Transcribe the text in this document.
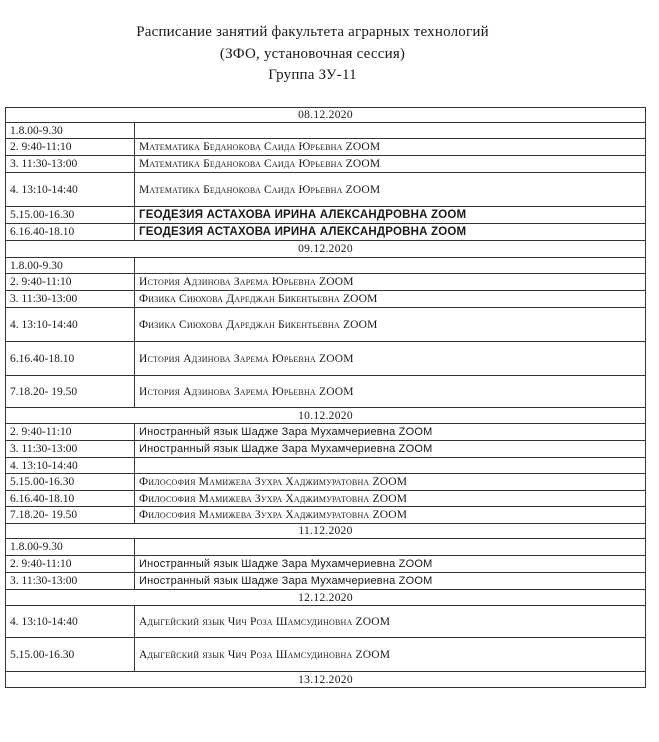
Расписание занятий факультета аграрных технологий
(ЗФО, установочная сессия)
Группа ЗУ-11
08.12.2020	
1.8.00-9.30	
2. 9:40-11:10	Математика Беданокова Саида Юрьевна ZOOM
3. 11:30-13:00	Математика Беданокова Саида Юрьевна ZOOM
4. 13:10-14:40	Математика Беданокова Саида Юрьевна ZOOM
5.15.00-16.30	ГЕОДЕЗИЯ АСТАХОВА ИРИНА АЛЕКСАНДРОВНА ZOOM
6.16.40-18.10	ГЕОДЕЗИЯ АСТАХОВА ИРИНА АЛЕКСАНДРОВНА ZOOM
09.12.2020	
1.8.00-9.30	
2. 9:40-11:10	История Адзинова Зарема Юрьевна ZOOM
3. 11:30-13:00	Физика Сиюхова Дареджан Бикентьевна ZOOM
4. 13:10-14:40	Физика Сиюхова Дареджан Бикентьевна ZOOM
6.16.40-18.10	История Адзинова Зарема Юрьевна ZOOM
7.18.20- 19.50	История Адзинова Зарема Юрьевна ZOOM
10.12.2020	
2. 9:40-11:10	Иностранный язык Шадже Зара Мухамчериевна ZOOM
3. 11:30-13:00	Иностранный язык Шадже Зара Мухамчериевна ZOOM
4. 13:10-14:40	
5.15.00-16.30	Философия Мамижева Зухра Хаджимуратовна ZOOM
6.16.40-18.10	Философия Мамижева Зухра Хаджимуратовна ZOOM
7.18.20- 19.50	Философия Мамижева Зухра Хаджимуратовна ZOOM
11.12.2020	
1.8.00-9.30	
2. 9:40-11:10	Иностранный язык Шадже Зара Мухамчериевна ZOOM
3. 11:30-13:00	Иностранный язык Шадже Зара Мухамчериевна ZOOM
12.12.2020	
4. 13:10-14:40	Адыгейский язык Чич Роза Шамсудиновна ZOOM
5.15.00-16.30	Адыгейский язык Чич Роза Шамсудиновна ZOOM
13.12.2020	
